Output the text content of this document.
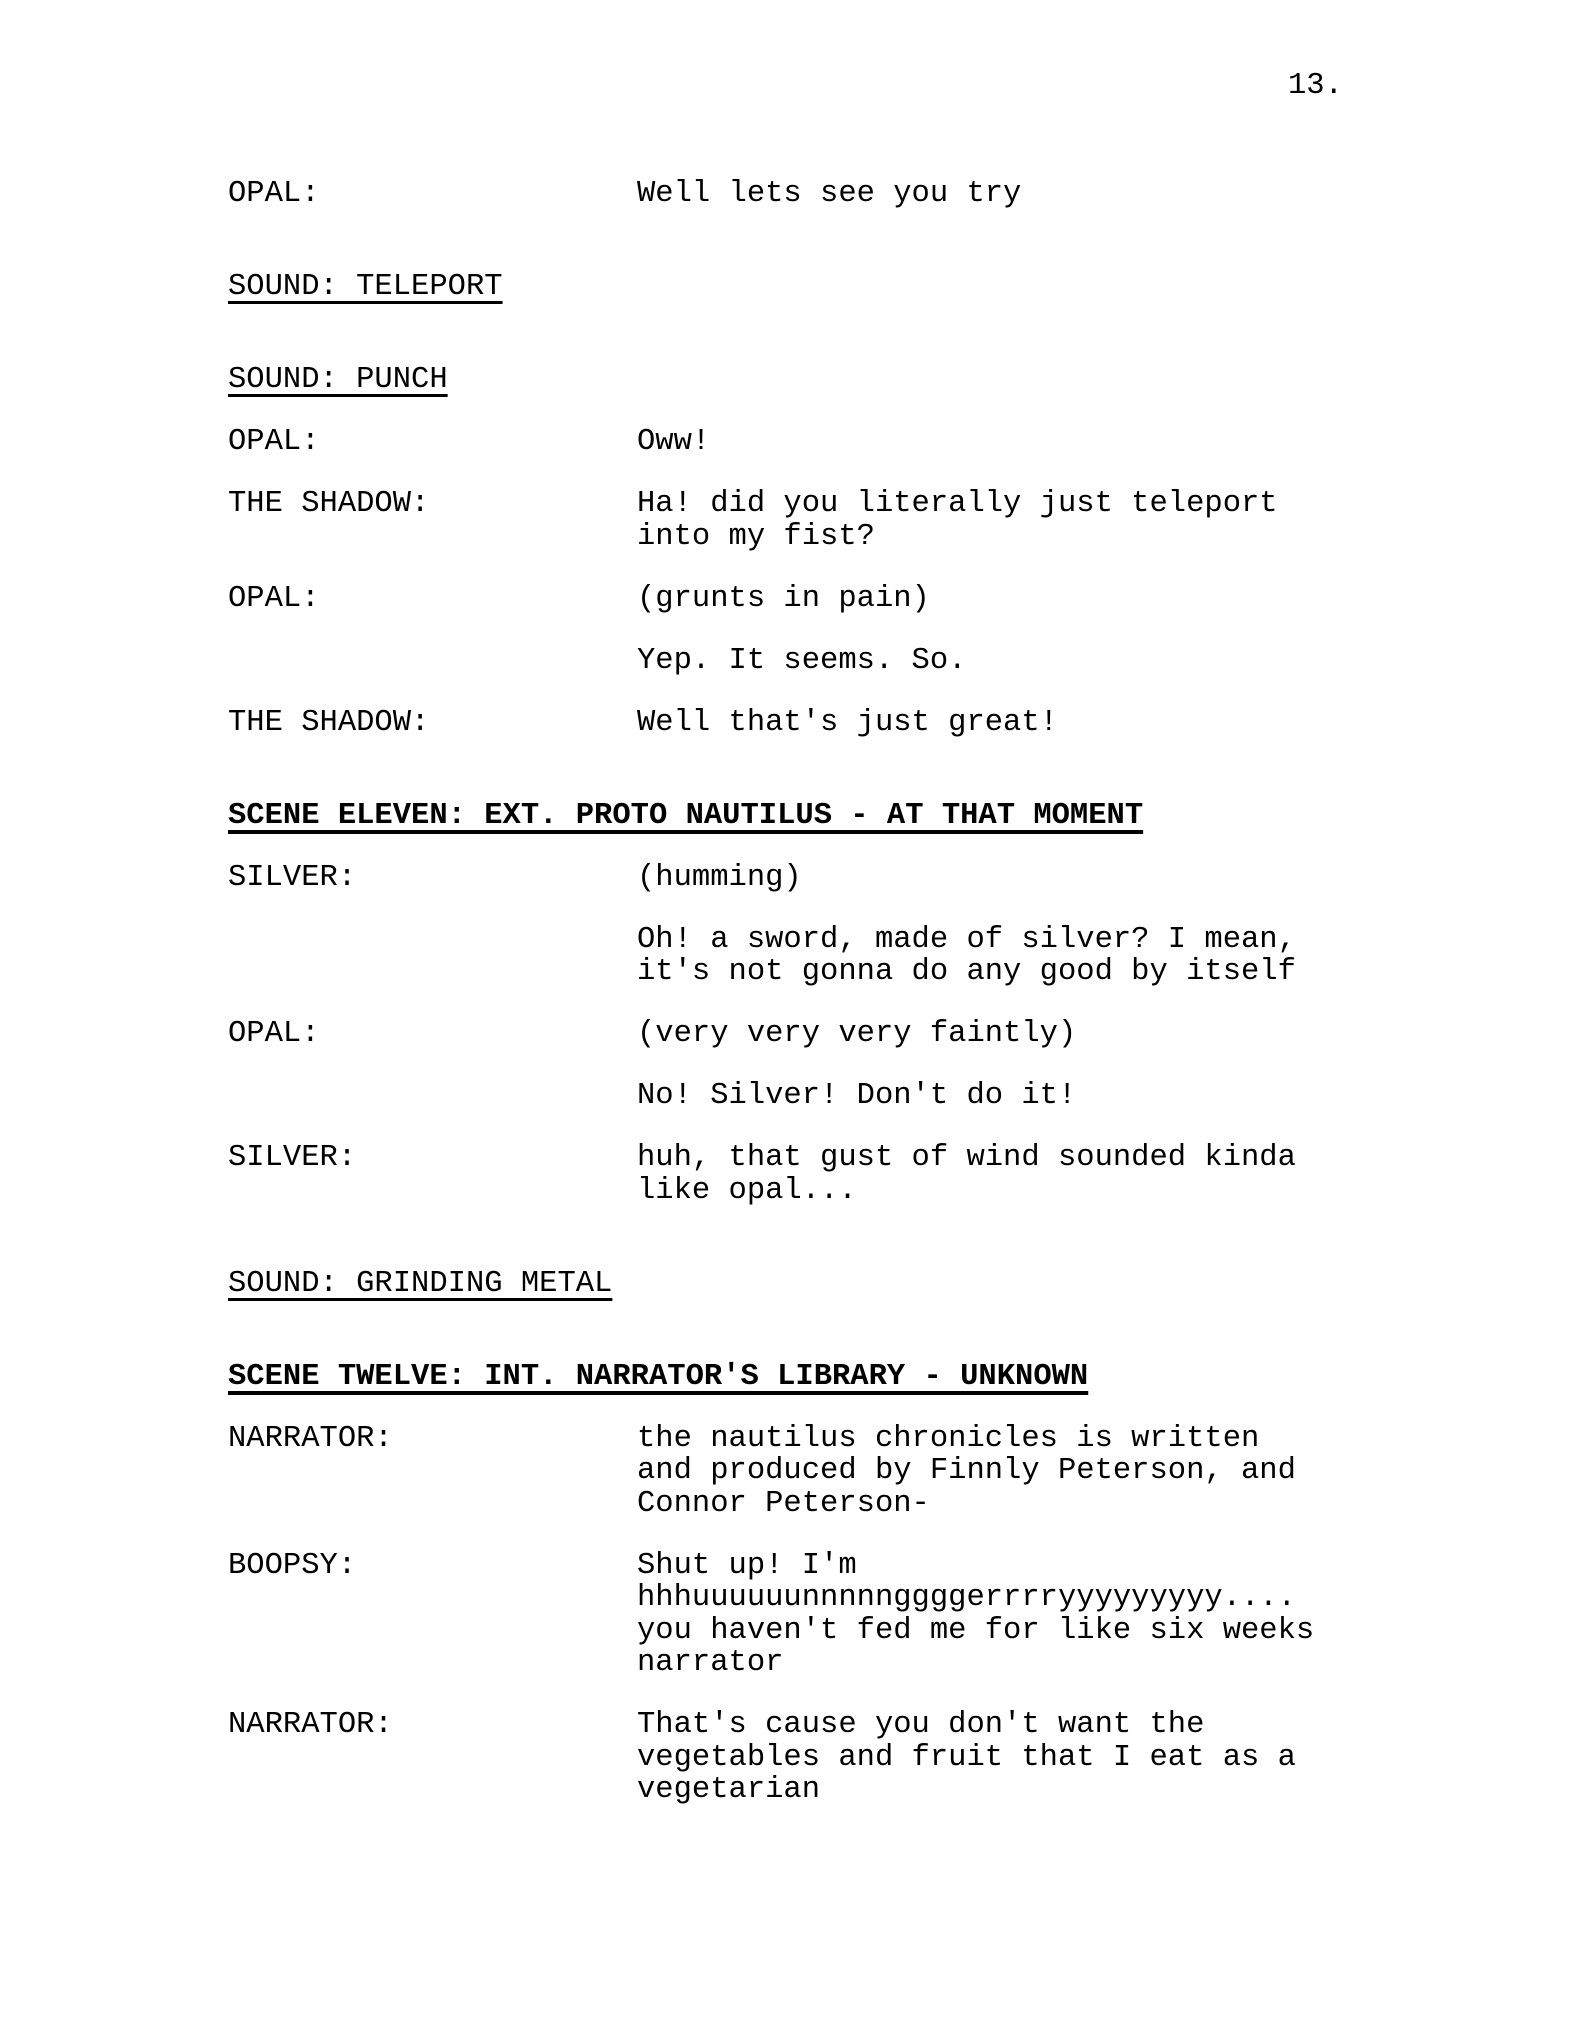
13.
OPAL:	Well lets see you try
SOUND: TELEPORT
SOUND: PUNCH
OPAL:	Oww!
THE SHADOW:	Ha! did you literally just teleport into my fist?
OPAL:	(grunts in pain)
Yep. It seems. So.
THE SHADOW:	Well that's just great!
SCENE ELEVEN: EXT. PROTO NAUTILUS - AT THAT MOMENT
SILVER:	(humming)
Oh! a sword, made of silver? I mean, it's not gonna do any good by itself
OPAL:	(very very very faintly)
No! Silver! Don't do it!
SILVER:	huh, that gust of wind sounded kinda like opal...
SOUND: GRINDING METAL
SCENE TWELVE: INT. NARRATOR'S LIBRARY - UNKNOWN
NARRATOR:	the nautilus chronicles is written and produced by Finnly Peterson, and Connor Peterson-
BOOPSY:	Shut up! I'm hhhuuuuuunnnnnggggerrrryyyyyyyyy.... you haven't fed me for like six weeks narrator
NARRATOR:	That's cause you don't want the vegetables and fruit that I eat as a vegetarian
